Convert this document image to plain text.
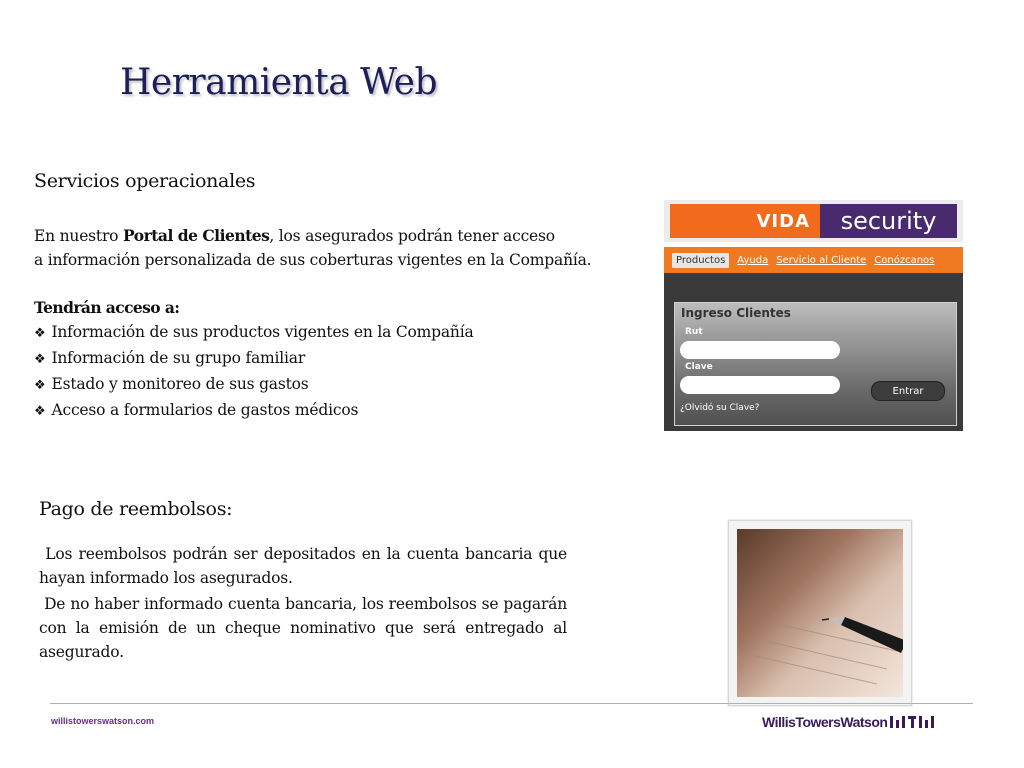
Herramienta Web
Servicios operacionales

En nuestro Portal de Clientes, los asegurados podrán tener acceso

a información personalizada de sus coberturas vigentes en la Compañía.

Tendrán acceso a:

❖ Información de sus productos vigentes en la Compañía
❖ Información de su grupo familiar
❖ Estado y monitoreo de sus gastos
❖ Acceso a formularios de gastos médicos
VIDA	security
Productos	Ayuda Servicio al Cliente Conózcanos
Ingreso Clientes
Rut
Clave
Entrar
¿Olvidó su Clave?
Pago de reembolsos:

Los reembolsos podrán ser depositados en la cuenta bancaria que hayan informado los asegurados.

De no haber informado cuenta bancaria, los reembolsos se pagarán con la emisión de un cheque nominativo que será entregado al asegurado.

willistowerswatson.com	WillisTowersWatson
